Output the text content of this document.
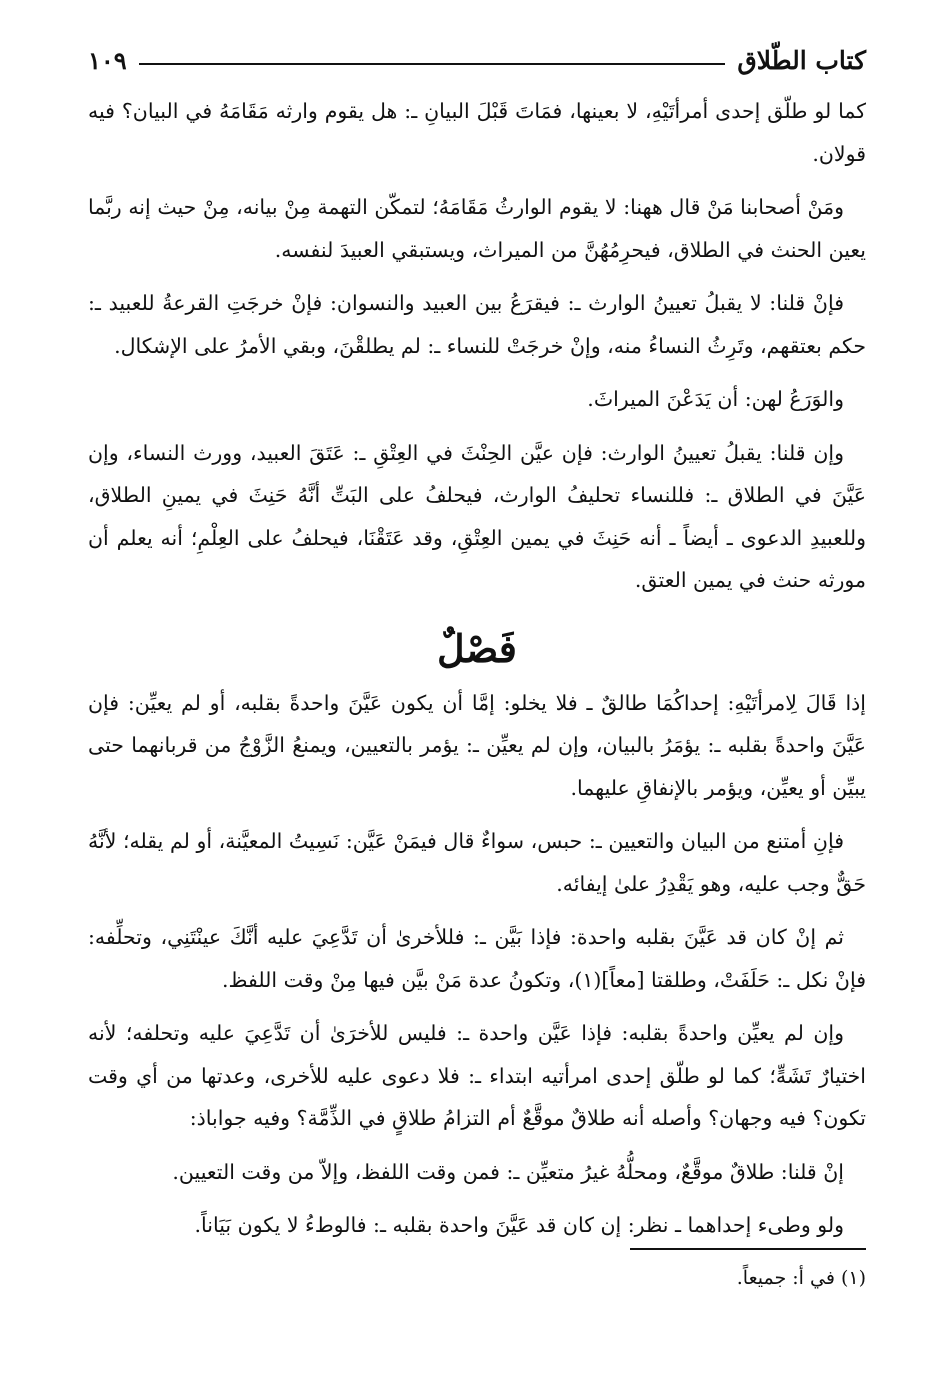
كتاب الطّلاق
١٠٩

كما لو طلّق إحدى أمرأتَيْهِ، لا بعينها، فمَاتَ قَبْلَ البيانِ ـ: هل يقوم وارثه مَقَامَهُ في البيان؟ فيه قولان.

ومَنْ أصحابنا مَنْ قال ههنا: لا يقوم الوارثُ مَقَامَهُ؛ لتمكّن التهمة مِنْ بيانه، مِنْ حيث إنه ربَّما يعين الحنث في الطلاق، فيحرِمُهُنَّ من الميراث، ويستبقي العبيدَ لنفسه.

فإنْ قلنا: لا يقبلُ تعيينُ الوارث ـ: فيقرَعُ بين العبيد والنسوان: فإنْ خرجَتِ القرعةُ للعبيد ـ: حكم بعتقهم، وتَرِثُ النساءُ منه، وإنْ خرجَتْ للنساء ـ: لم يطلقْنَ، وبقي الأمرُ على الإشكال.

والوَرَعُ لهن: أن يَدَعْنَ الميراثَ.

وإن قلنا: يقبلُ تعيينُ الوارث: فإن عيَّن الحِنْثَ في العِتْقِ ـ: عَتَقَ العبيد، وورث النساء، وإن عَيَّنَ في الطلاق ـ: فللنساء تحليفُ الوارث، فيحلفُ على البَتِّ أنَّهُ حَنِثَ في يمينِ الطلاق، وللعبيدِ الدعوى ـ أيضاً ـ أنه حَنِثَ في يمين العِتْقِ، وقد عَتَقْنَا، فيحلفُ على العِلْمِ؛ أنه يعلم أن مورثه حنث في يمين العتق.

فَصْلٌ

إذا قَالَ لِامرأتَيْهِ: إحداكُمَا طالقٌ ـ فلا يخلو: إمَّا أن يكون عَيَّنَ واحدةً بقلبه، أو لم يعيِّن: فإن عَيَّنَ واحدةً بقلبه ـ: يؤمَرُ بالبيان، وإن لم يعيِّن ـ: يؤمر بالتعيين، ويمنعُ الزَّوْجُ من قربانهما حتى يبيِّن أو يعيِّن، ويؤمر بالإنفاقِ عليهما.

فإنِ أمتنع من البيان والتعيين ـ: حبس، سواءٌ قال فيمَنْ عَيَّن: نَسِيتُ المعيَّنة، أو لم يقله؛ لأنَّهُ حَقٌّ وجب عليه، وهو يَقْدِرُ علىٰ إيفائه.

ثم إنْ كان قد عَيَّنَ بقلبه واحدة: فإذا بَيَّن ـ: فللأخرىٰ أن تَدَّعِيَ عليه أنَّكَ عينْتَنِي، وتحلِّفه: فإنْ نكل ـ: حَلَفَتْ، وطلقتا [معاً](١)، وتكونُ عدة مَنْ بيَّن فيها مِنْ وقت اللفظ.

وإن لم يعيِّن واحدةً بقلبه: فإذا عَيَّن واحدة ـ: فليس للأخرَىٰ أن تَدَّعِيَ عليه وتحلفه؛ لأنه اختيارٌ تَشَهٍّ؛ كما لو طلّق إحدى امرأتيه ابتداء ـ: فلا دعوى عليه للأخرى، وعدتها من أي وقت تكون؟ فيه وجهان؟ وأصله أنه طلاقٌ موقَّعٌ أم التزامُ طلاقٍ في الذِّمَّة؟ وفيه جواباذ:

إنْ قلنا: طلاقٌ موقَّعٌ، ومحلُّهُ غيرُ متعيِّن ـ: فمن وقت اللفظ، وإلاّ من وقت التعيين.

ولو وطىء إحداهما ـ نظر: إن كان قد عَيَّنَ واحدة بقلبه ـ: فالوطءُ لا يكون بَيَاناً.

(١) في أ: جميعاً.
